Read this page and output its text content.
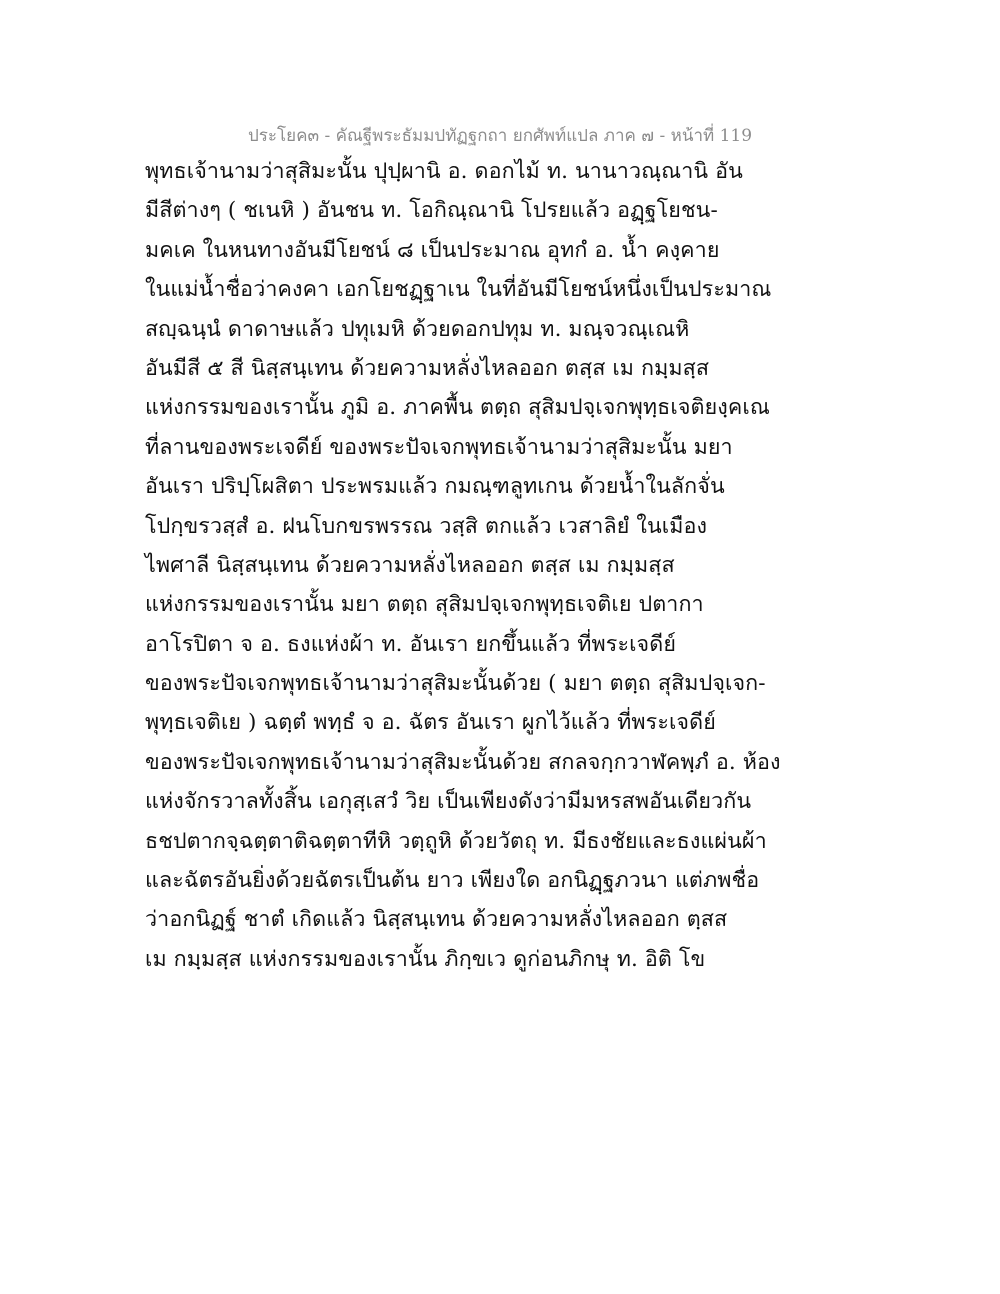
ประโยค๓ - คัณฐีพระธัมมปทัฏฐกถา ยกศัพท์แปล ภาค ๗ - หน้าที่ 119
พุทธเจ้านามว่าสุสิมะนั้น ปุปฺผานิ อ. ดอกไม้ ท. นานาวณฺณานิ อัน
มีสีต่างๆ ( ชเนหิ ) อันชน ท. โอกิณฺณานิ โปรยแล้ว อฏฺฐโยชน-
มคเค ในหนทางอันมีโยชน์ ๘ เป็นประมาณ อุทกํ อ. น้ำ คงฺคาย
ในแม่น้ำชื่อว่าคงคา เอกโยชฏฺฐาเน ในที่อันมีโยชน์หนึ่งเป็นประมาณ
สญฺฉนฺนํ ดาดาษแล้ว ปทุเมหิ ด้วยดอกปทุม ท. มณฺจวณฺเณหิ
อันมีสี ๕ สี นิสฺสนฺเทน ด้วยความหลั่งไหลออก ตสฺส เม กมฺมสฺส
แห่งกรรมของเรานั้น ภูมิ อ. ภาคพื้น ตตฺถ สุสิมปจฺเจกพุทฺธเจติยงฺคเณ
ที่ลานของพระเจดีย์ ของพระปัจเจกพุทธเจ้านามว่าสุสิมะนั้น มยา
อันเรา ปริปฺโผสิตา ประพรมแล้ว กมณฺฑลูทเกน ด้วยน้ำในลักจั่น
โปกฺขรวสฺสํ อ. ฝนโบกขรพรรณ วสฺสิ ตกแล้ว เวสาลิยํ ในเมือง
ไพศาลี นิสฺสนฺเทน ด้วยความหลั่งไหลออก ตสฺส เม กมฺมสฺส
แห่งกรรมของเรานั้น มยา ตตฺถ สุสิมปจฺเจกพุทฺธเจติเย ปตากา
อาโรปิตา จ อ. ธงแห่งผ้า ท. อันเรา ยกขึ้นแล้ว ที่พระเจดีย์
ของพระปัจเจกพุทธเจ้านามว่าสุสิมะนั้นด้วย ( มยา ตตฺถ สุสิมปจฺเจก-
พุทฺธเจติเย ) ฉตฺตํ พทฺธํ จ อ. ฉัตร อันเรา ผูกไว้แล้ว ที่พระเจดีย์
ของพระปัจเจกพุทธเจ้านามว่าสุสิมะนั้นด้วย สกลจกฺกวาฬคพฺภํ อ. ห้อง
แห่งจักรวาลทั้งสิ้น เอกุสฺเสวํ วิย เป็นเพียงดังว่ามีมหรสพอันเดียวกัน
ธชปตากจฺฉตฺตาติฉตฺตาทีหิ วตฺถูหิ ด้วยวัตถุ ท. มีธงชัยและธงแผ่นผ้า
และฉัตรอันยิ่งด้วยฉัตรเป็นต้น ยาว เพียงใด อกนิฏฺฐภวนา แต่ภพชื่อ
ว่าอกนิฏฐ์ ชาตํ เกิดแล้ว นิสฺสนฺเทน ด้วยความหลั่งไหลออก ตฺสส
เม กมฺมสฺส แห่งกรรมของเรานั้น ภิกฺขเว ดูก่อนภิกษุ ท. อิติ โข
